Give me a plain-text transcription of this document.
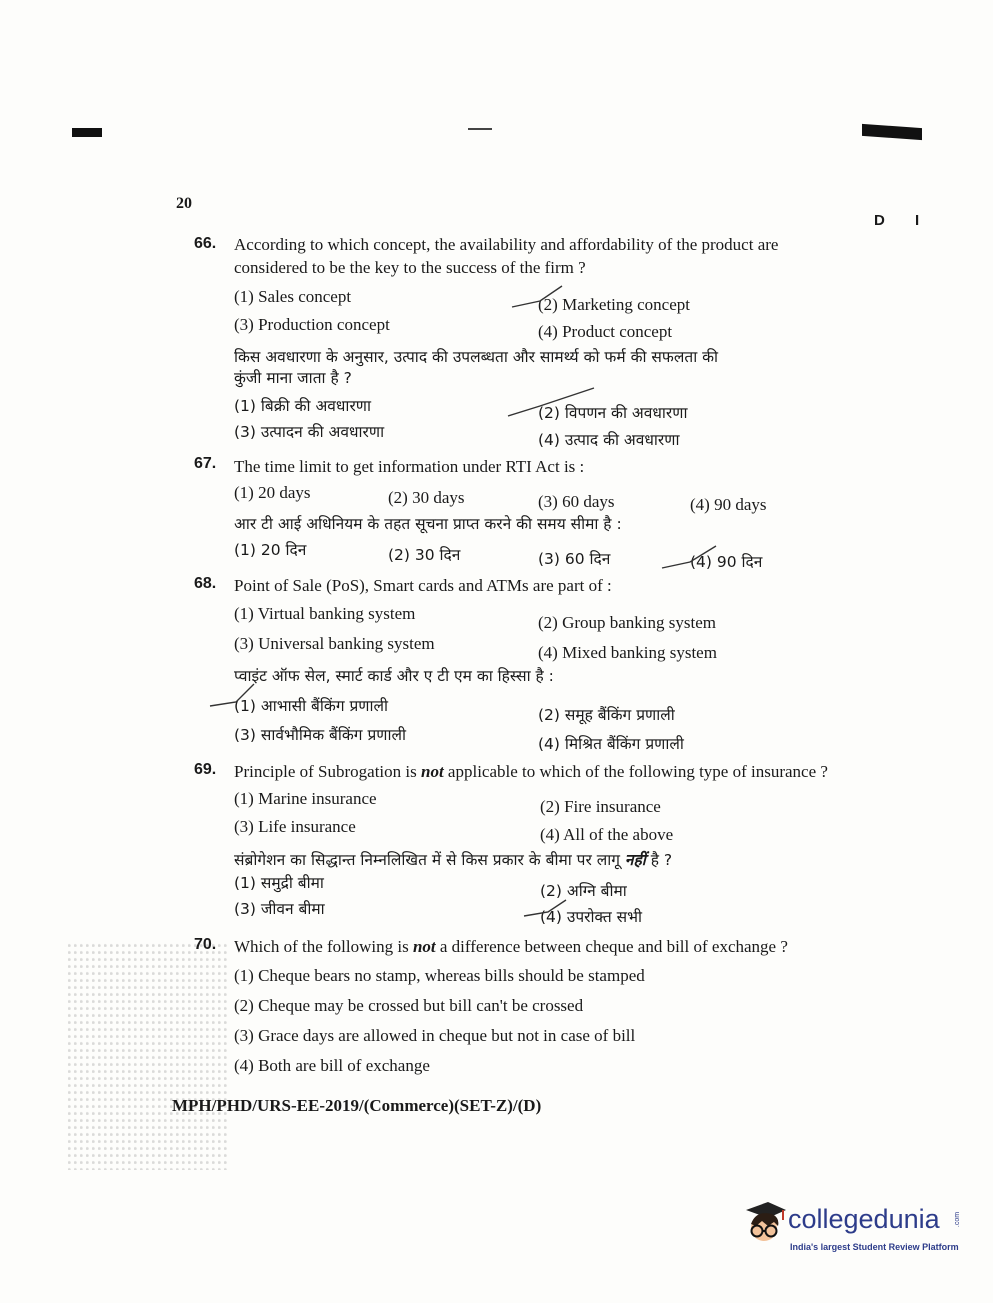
20
D I
66. According to which concept, the availability and affordability of the product are
considered to be the key to the success of the firm ?
(1) Sales concept	(2) Marketing concept
(3) Production concept	(4) Product concept
किस अवधारणा के अनुसार, उत्पाद की उपलब्धता और सामर्थ्य को फर्म की सफलता की
कुंजी माना जाता है ?
(1) बिक्री की अवधारणा	(2) विपणन की अवधारणा
(3) उत्पादन की अवधारणा	(4) उत्पाद की अवधारणा
67. The time limit to get information under RTI Act is :
(1) 20 days	(2) 30 days	(3) 60 days	(4) 90 days
आर टी आई अधिनियम के तहत सूचना प्राप्त करने की समय सीमा है :
(1) 20 दिन	(2) 30 दिन	(3) 60 दिन	(4) 90 दिन
68. Point of Sale (PoS), Smart cards and ATMs are part of :
(1) Virtual banking system	(2) Group banking system
(3) Universal banking system	(4) Mixed banking system
प्वाइंट ऑफ सेल, स्मार्ट कार्ड और ए टी एम का हिस्सा है :
(1) आभासी बैंकिंग प्रणाली	(2) समूह बैंकिंग प्रणाली
(3) सार्वभौमिक बैंकिंग प्रणाली	(4) मिश्रित बैंकिंग प्रणाली
69. Principle of Subrogation is not applicable to which of the following type of insurance ?
(1) Marine insurance	(2) Fire insurance
(3) Life insurance	(4) All of the above
संब्रोगेशन का सिद्धान्त निम्नलिखित में से किस प्रकार के बीमा पर लागू नहीं है ?
(1) समुद्री बीमा	(2) अग्नि बीमा
(3) जीवन बीमा	(4) उपरोक्त सभी
70. Which of the following is not a difference between cheque and bill of exchange ?
(1) Cheque bears no stamp, whereas bills should be stamped
(2) Cheque may be crossed but bill can't be crossed
(3) Grace days are allowed in cheque but not in case of bill
(4) Both are bill of exchange
MPH/PHD/URS-EE-2019/(Commerce)(SET-Z)/(D)
collegedunia .com
India's largest Student Review Platform
